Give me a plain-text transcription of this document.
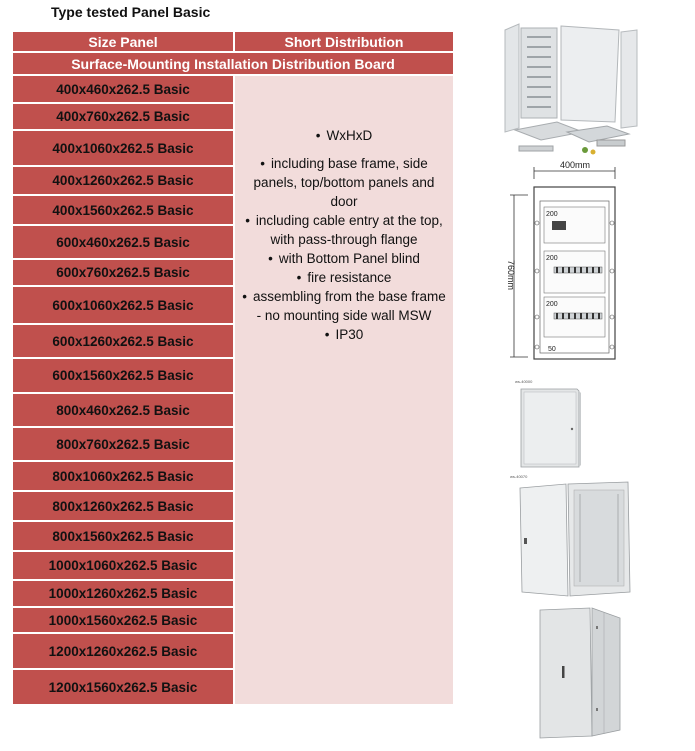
Type tested Panel Basic
Size Panel	Short Distribution
Surface-Mounting Installation Distribution Board
400x460x262.5 Basic
400x760x262.5 Basic
400x1060x262.5 Basic
400x1260x262.5 Basic
400x1560x262.5 Basic
600x460x262.5 Basic
600x760x262.5 Basic
600x1060x262.5 Basic
600x1260x262.5 Basic
600x1560x262.5 Basic
800x460x262.5 Basic
800x760x262.5 Basic
800x1060x262.5 Basic
800x1260x262.5 Basic
800x1560x262.5 Basic
1000x1060x262.5 Basic
1000x1260x262.5 Basic
1000x1560x262.5 Basic
1200x1260x262.5 Basic
1200x1560x262.5 Basic
• WxHxD
• including base frame, side panels, top/bottom panels and door
• including cable entry at the top, with pass-through flange
• with Bottom Panel blind
• fire resistance
• assembling from the base frame - no mounting side wall MSW
• IP30
400mm
760mm
200
200
200
50
ws-40000
ws-40070
